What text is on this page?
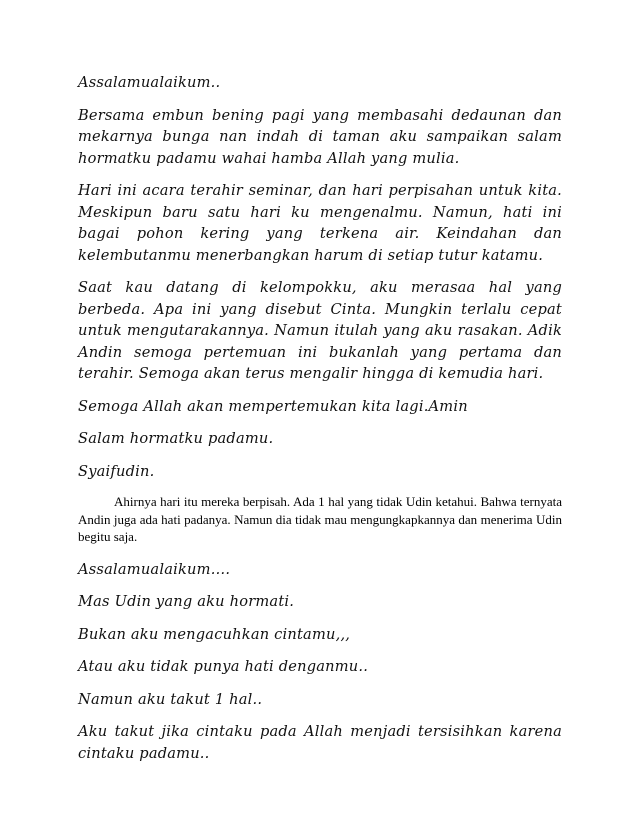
Assalamualaikum..

Bersama embun bening pagi yang membasahi dedaunan dan mekarnya bunga nan indah di taman aku sampaikan salam hormatku padamu wahai hamba Allah yang mulia.

Hari ini acara terahir seminar, dan hari perpisahan untuk kita. Meskipun baru satu hari ku mengenalmu. Namun, hati ini bagai pohon kering yang terkena air. Keindahan dan kelembutanmu menerbangkan harum di setiap tutur katamu.

Saat kau datang di kelompokku, aku merasaa hal yang berbeda. Apa ini yang disebut Cinta. Mungkin terlalu cepat untuk mengutarakannya. Namun itulah yang aku rasakan. Adik Andin semoga pertemuan ini bukanlah yang pertama dan terahir. Semoga akan terus mengalir hingga di kemudia hari.

Semoga Allah akan mempertemukan kita lagi.Amin

Salam hormatku padamu.

Syaifudin.

Ahirnya hari itu mereka berpisah. Ada 1 hal yang tidak Udin ketahui. Bahwa ternyata Andin juga ada hati padanya. Namun dia tidak mau mengungkapkannya dan menerima Udin begitu saja.

Assalamualaikum….

Mas Udin yang aku hormati.

Bukan aku mengacuhkan cintamu,,,

Atau aku tidak punya hati denganmu..

Namun aku takut 1 hal..

Aku takut jika cintaku pada Allah menjadi tersisihkan karena cintaku padamu..
